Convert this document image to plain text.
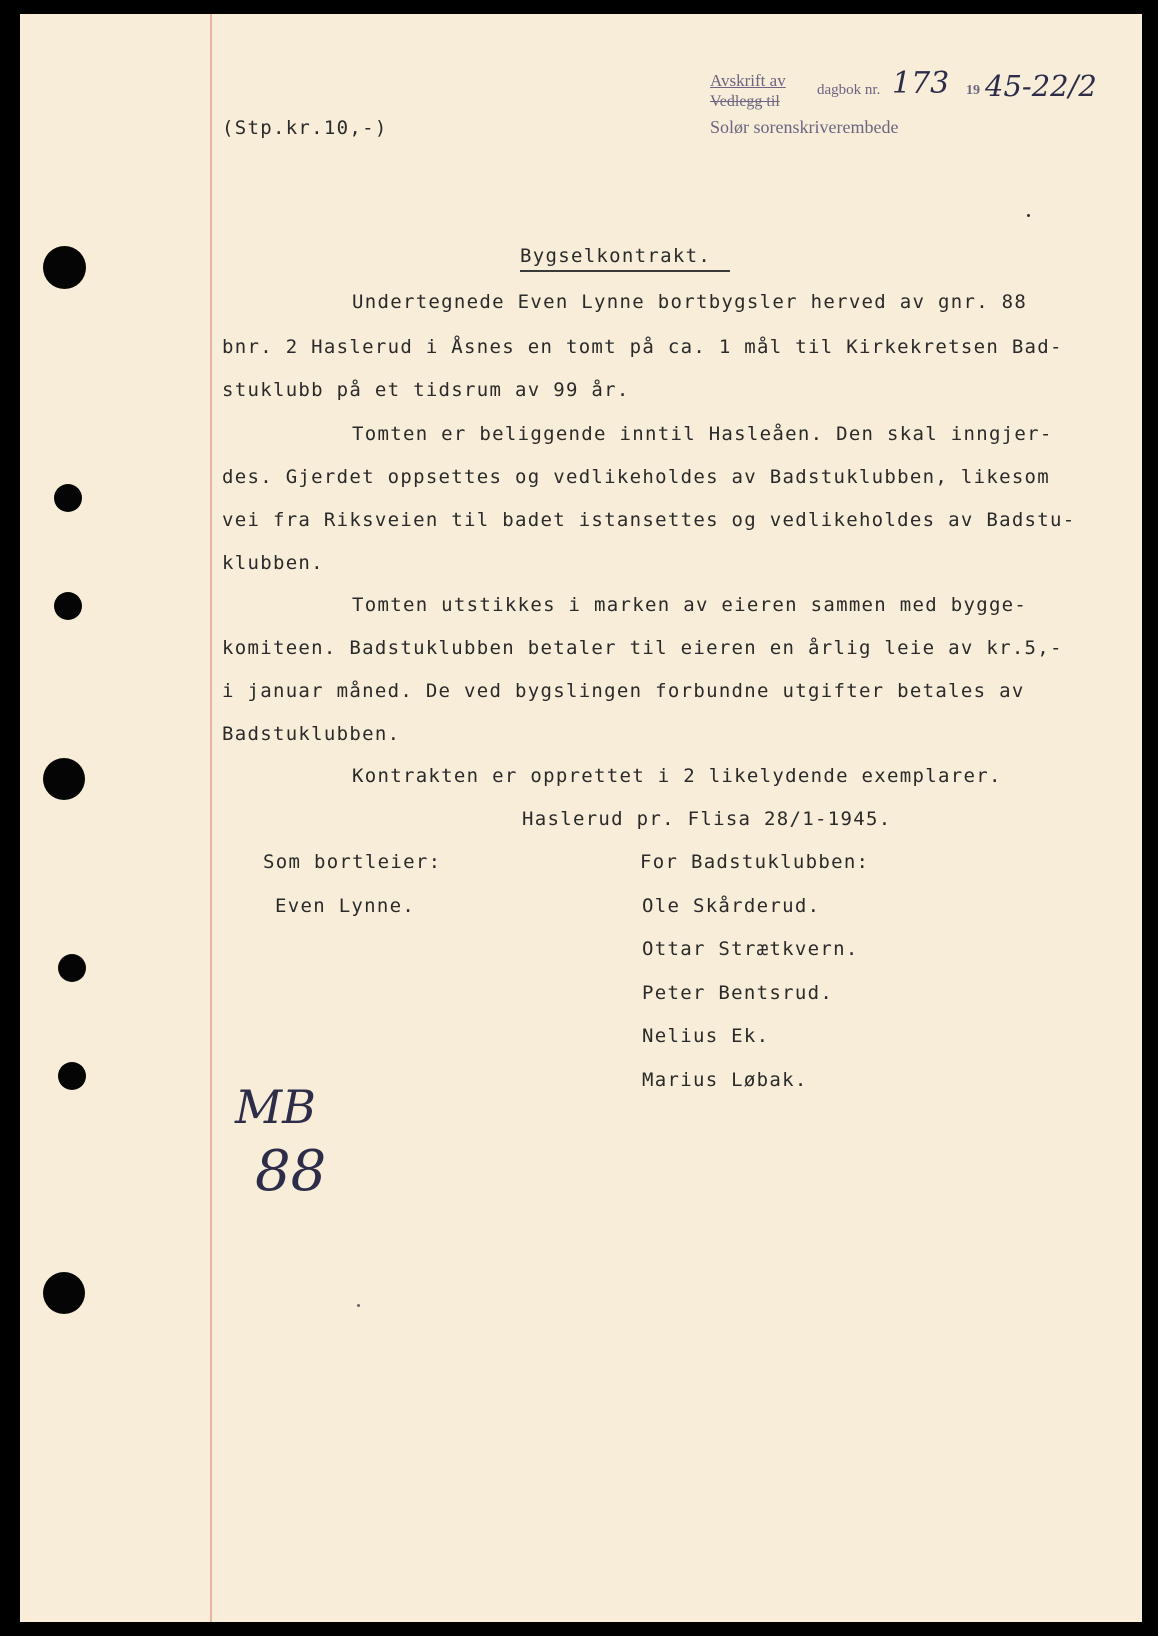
Avskrift av
Vedlegg til
dagbok nr. 173 19 45-22/2
Solør sorenskriverembede
(Stp.kr.10,-)
Bygselkontrakt.
Undertegnede Even Lynne bortbygsler herved av gnr. 88
bnr. 2 Haslerud i Åsnes en tomt på ca. 1 mål til Kirkekretsen Bad-
stuklubb på et tidsrum av 99 år.
Tomten er beliggende inntil Hasleåen. Den skal inngjer-
des. Gjerdet oppsettes og vedlikeholdes av Badstuklubben, likesom
vei fra Riksveien til badet istansettes og vedlikeholdes av Badstu-
klubben.
Tomten utstikkes i marken av eieren sammen med bygge-
komiteen. Badstuklubben betaler til eieren en årlig leie av kr.5,-
i januar måned. De ved bygslingen forbundne utgifter betales av
Badstuklubben.
Kontrakten er opprettet i 2 likelydende exemplarer.
Haslerud pr. Flisa 28/1-1945.
Som bortleier:
Even Lynne.
For Badstuklubben:
Ole Skårderud.
Ottar Strætkvern.
Peter Bentsrud.
Nelius Ek.
Marius Løbak.
MB
88
